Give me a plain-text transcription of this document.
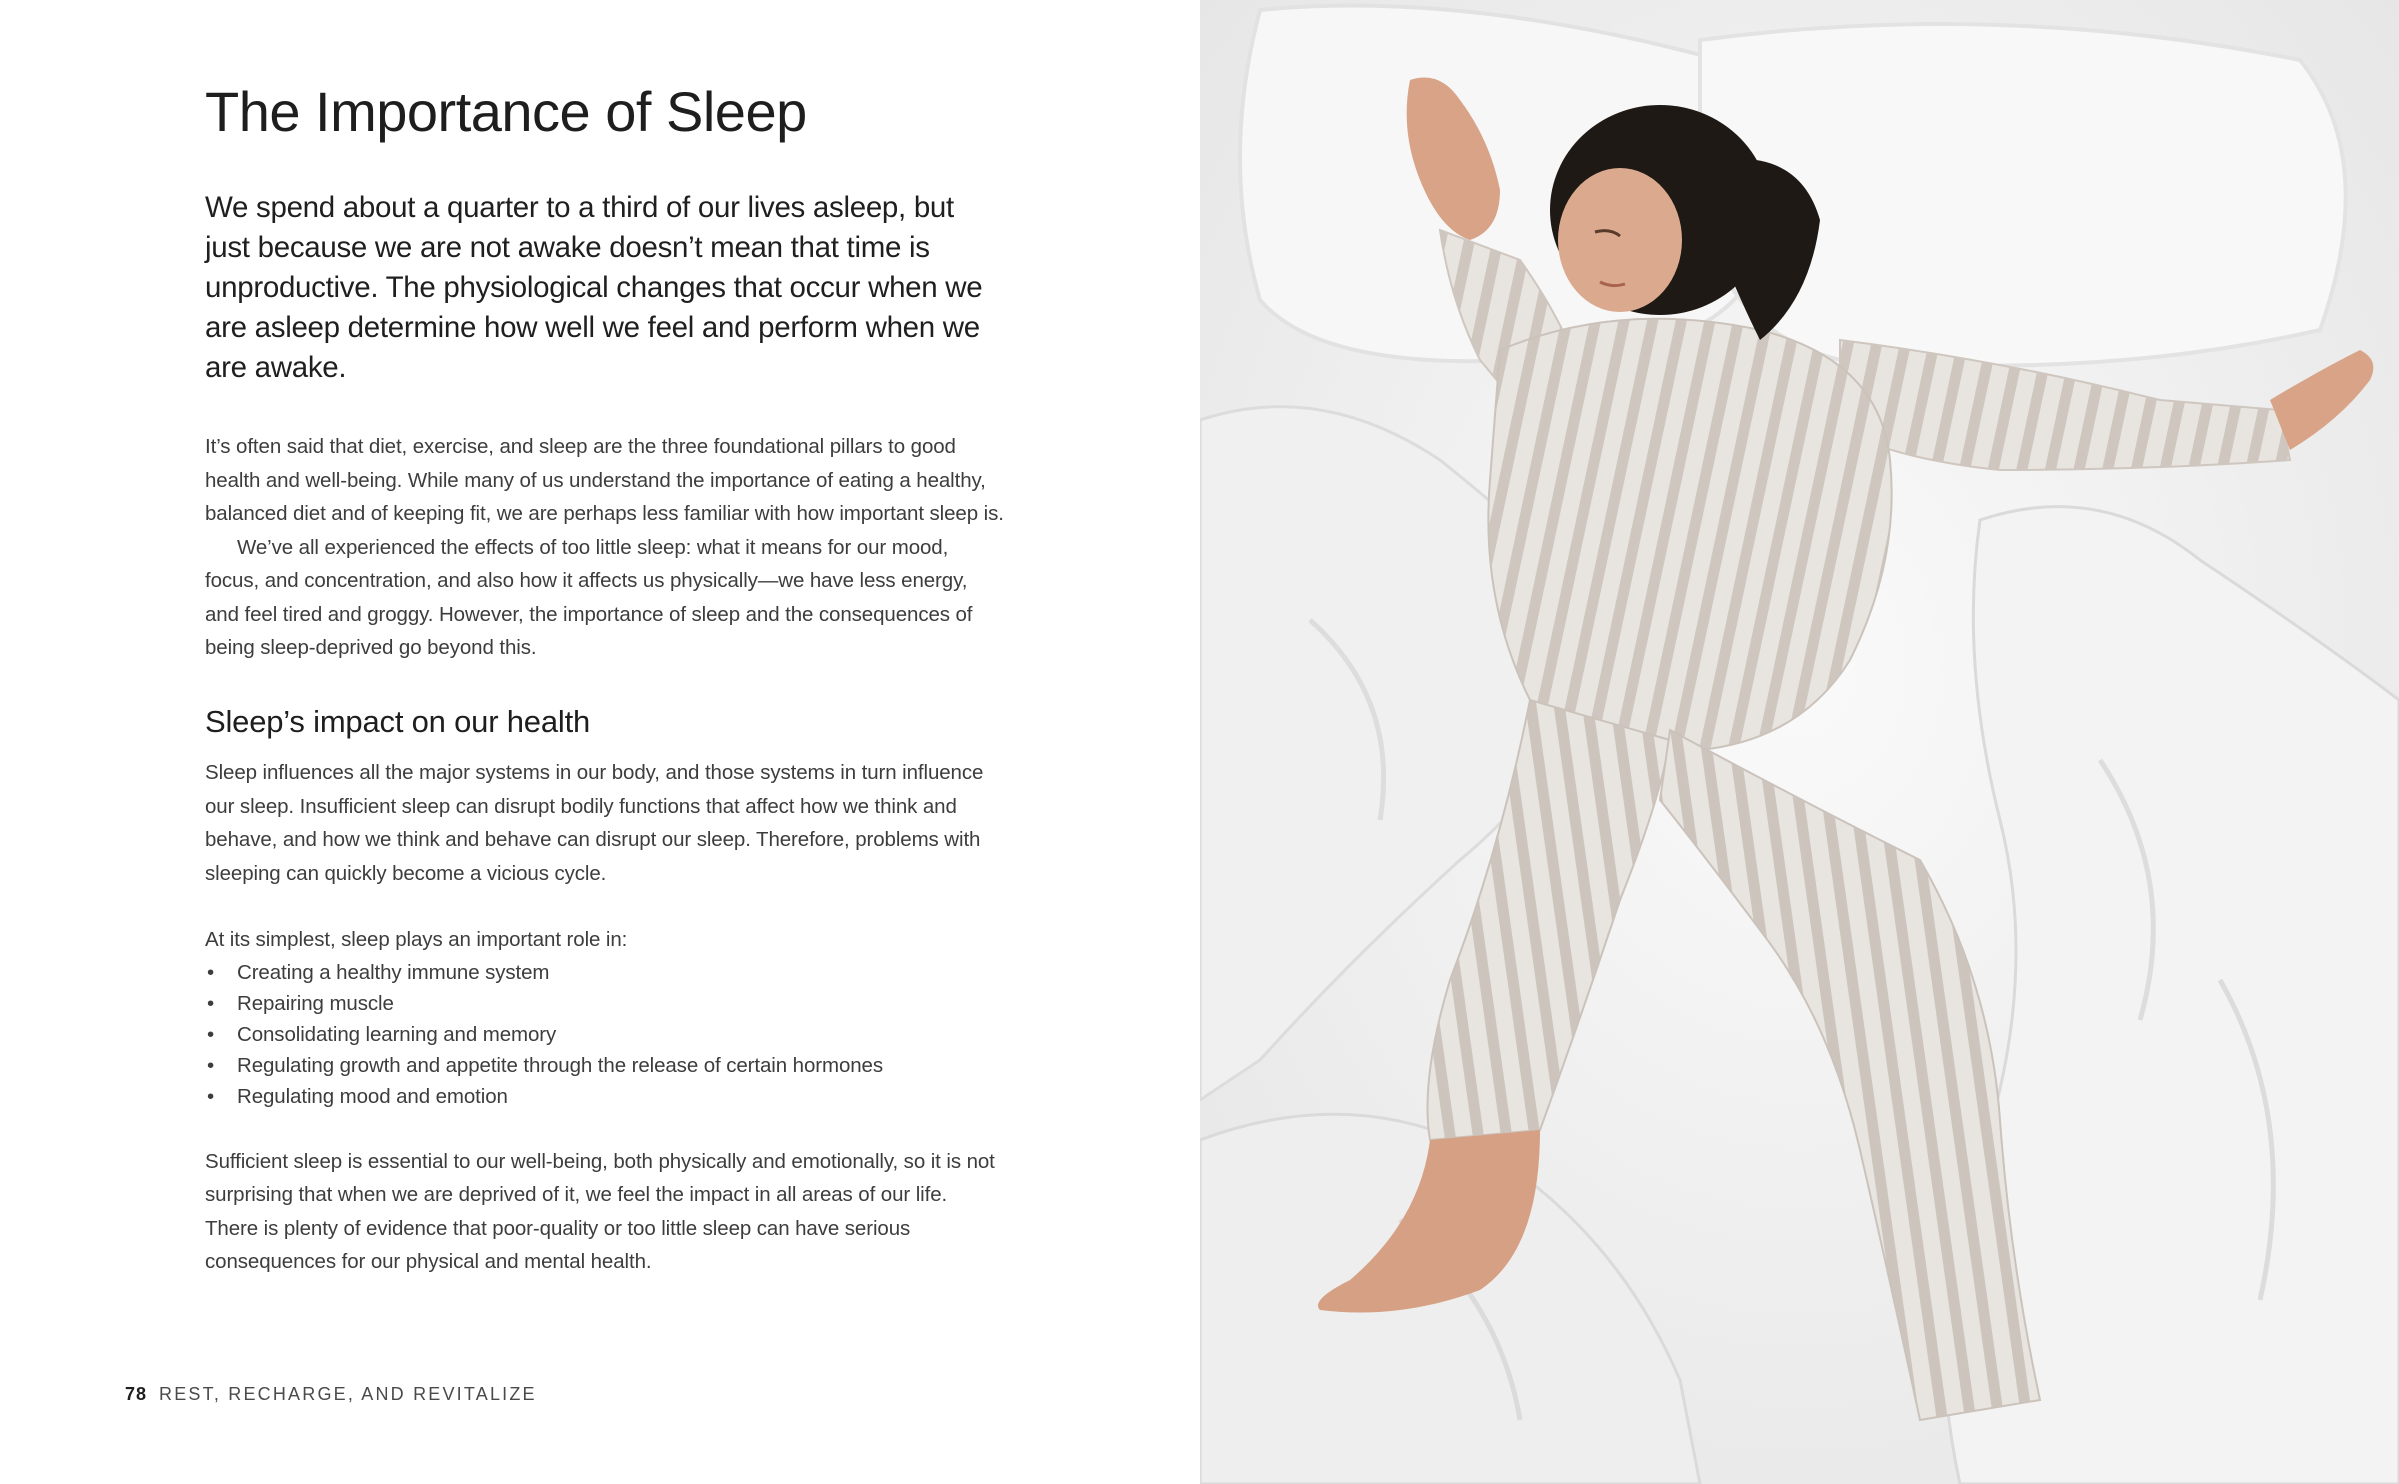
The Importance of Sleep

We spend about a quarter to a third of our lives asleep, but just because we are not awake doesn’t mean that time is unproductive. The physiological changes that occur when we are asleep determine how well we feel and perform when we are awake.

It’s often said that diet, exercise, and sleep are the three foundational pillars to good health and well-being. While many of us understand the importance of eating a healthy, balanced diet and of keeping fit, we are perhaps less familiar with how important sleep is.

We’ve all experienced the effects of too little sleep: what it means for our mood, focus, and concentration, and also how it affects us physically—we have less energy, and feel tired and groggy. However, the importance of sleep and the consequences of being sleep-deprived go beyond this.

Sleep’s impact on our health

Sleep influences all the major systems in our body, and those systems in turn influence our sleep. Insufficient sleep can disrupt bodily functions that affect how we think and behave, and how we think and behave can disrupt our sleep. Therefore, problems with sleeping can quickly become a vicious cycle.

At its simplest, sleep plays an important role in:

• Creating a healthy immune system
• Repairing muscle
• Consolidating learning and memory
• Regulating growth and appetite through the release of certain hormones
• Regulating mood and emotion

Sufficient sleep is essential to our well-being, both physically and emotionally, so it is not surprising that when we are deprived of it, we feel the impact in all areas of our life. There is plenty of evidence that poor-quality or too little sleep can have serious consequences for our physical and mental health.

78 REST, RECHARGE, AND REVITALIZE
